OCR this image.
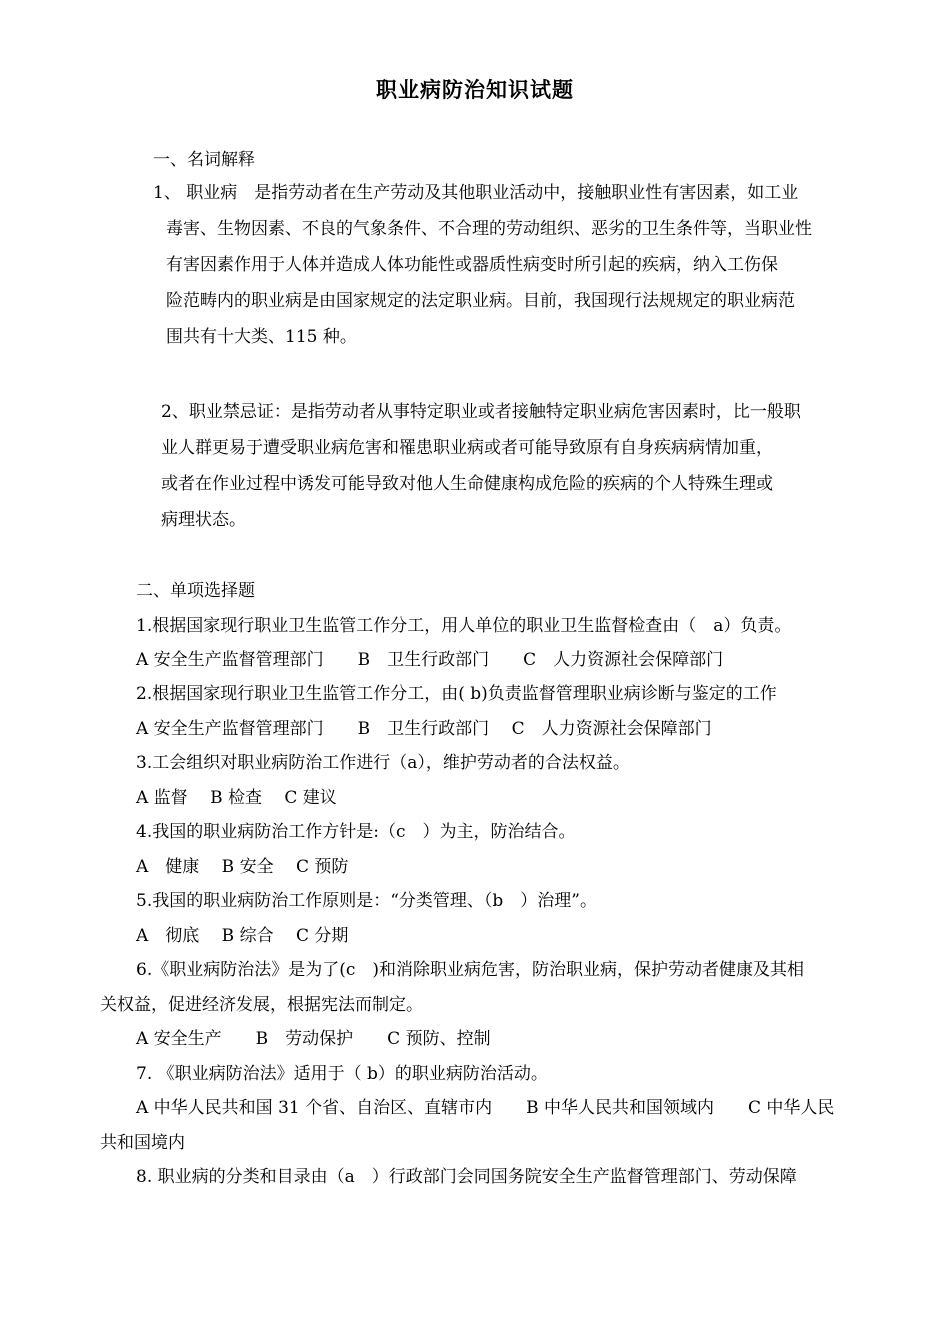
职业病防治知识试题
一、名词解释
1、 职业病　是指劳动者在生产劳动及其他职业活动中，接触职业性有害因素，如工业
毒害、生物因素、不良的气象条件、不合理的劳动组织、恶劣的卫生条件等，当职业性
有害因素作用于人体并造成人体功能性或器质性病变时所引起的疾病，纳入工伤保
险范畴内的职业病是由国家规定的法定职业病。目前，我国现行法规规定的职业病范
围共有十大类、115 种。
2、职业禁忌证：是指劳动者从事特定职业或者接触特定职业病危害因素时，比一般职
业人群更易于遭受职业病危害和罹患职业病或者可能导致原有自身疾病病情加重，
或者在作业过程中诱发可能导致对他人生命健康构成危险的疾病的个人特殊生理或
病理状态。
二、单项选择题
1.根据国家现行职业卫生监管工作分工，用人单位的职业卫生监督检查由（　a）负责。
A 安全生产监督管理部门　　B　卫生行政部门　　C　人力资源社会保障部门
2.根据国家现行职业卫生监管工作分工，由( b)负责监督管理职业病诊断与鉴定的工作
A 安全生产监督管理部门　　B　卫生行政部门　 C　人力资源社会保障部门
3.工会组织对职业病防治工作进行（a），维护劳动者的合法权益。
A 监督　 B 检查　 C 建议
4.我国的职业病防治工作方针是:（c　）为主，防治结合。
A　健康　 B 安全　 C 预防
5.我国的职业病防治工作原则是：“分类管理、（b　）治理”。
A　彻底　 B 综合　 C 分期
6.《职业病防治法》是为了(c　)和消除职业病危害，防治职业病，保护劳动者健康及其相
关权益，促进经济发展，根据宪法而制定。
A 安全生产　　B　劳动保护　　C 预防、控制
7. 《职业病防治法》适用于（ b）的职业病防治活动。
A 中华人民共和国 31 个省、自治区、直辖市内　　B 中华人民共和国领域内　　C 中华人民
共和国境内
8. 职业病的分类和目录由（a　）行政部门会同国务院安全生产监督管理部门、劳动保障
